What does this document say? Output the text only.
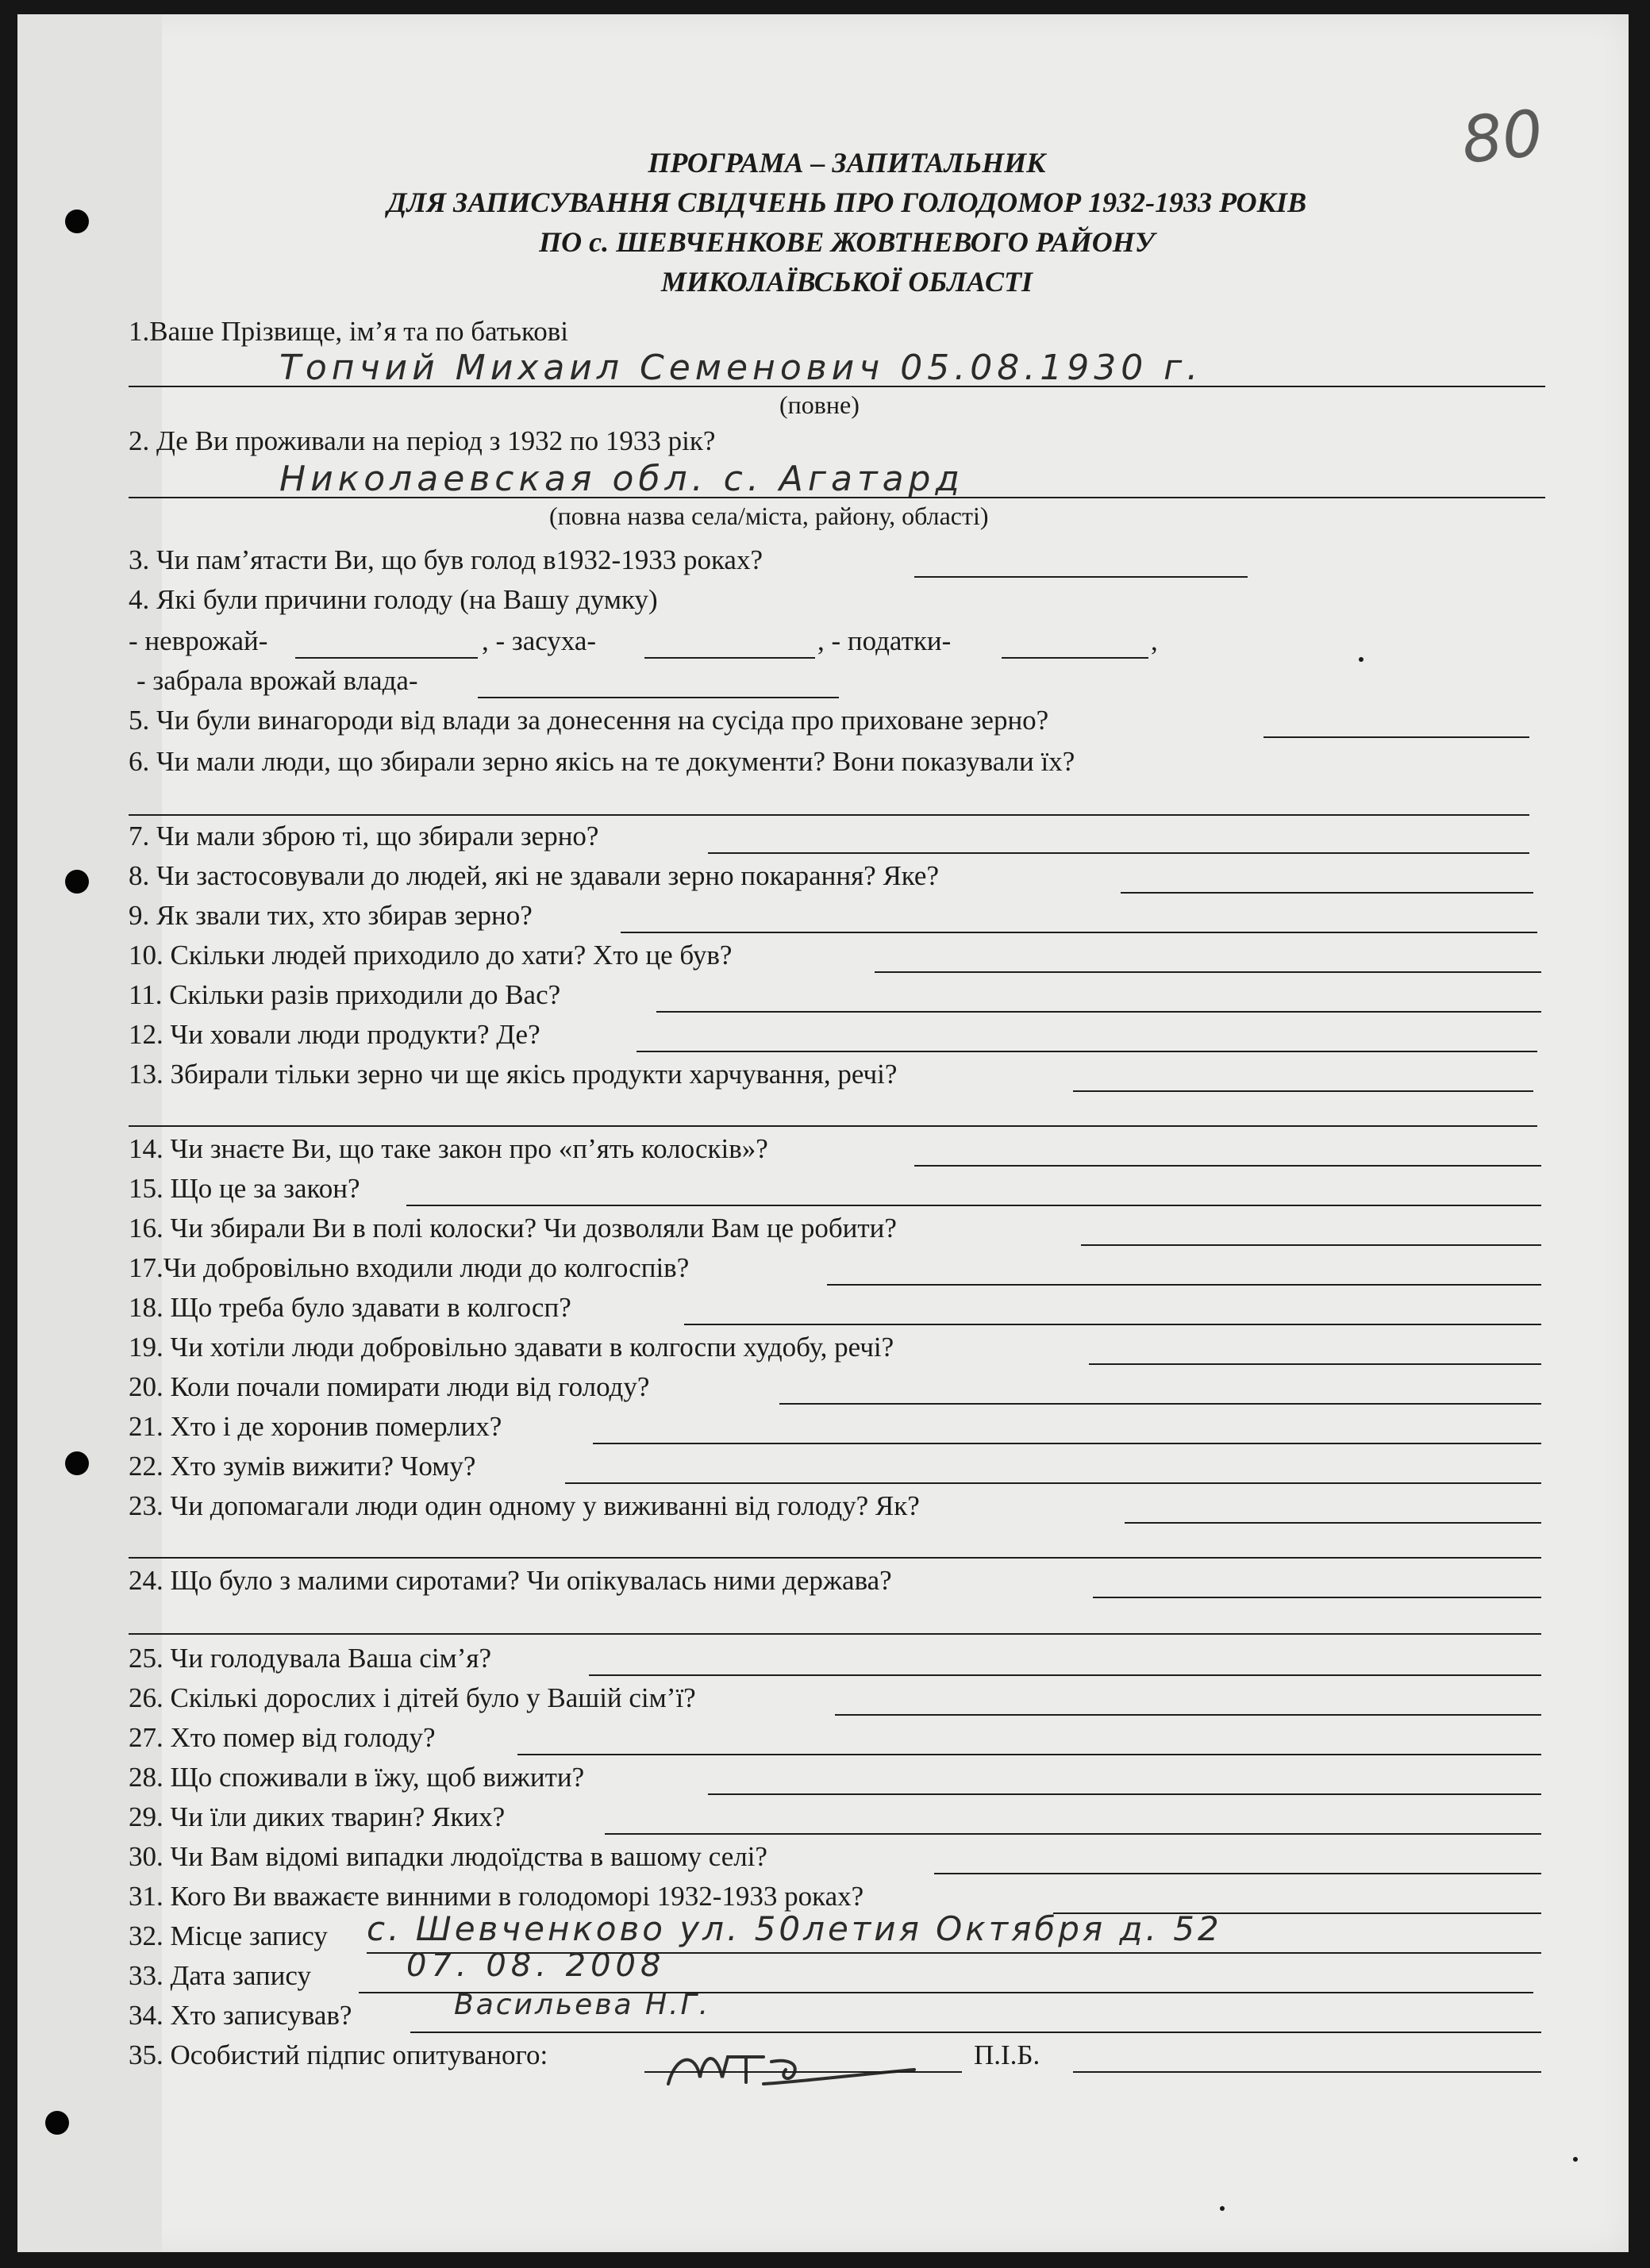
80
ПРОГРАМА – ЗАПИТАЛЬНИК
ДЛЯ ЗАПИСУВАННЯ СВІДЧЕНЬ ПРО ГОЛОДОМОР 1932-1933 РОКІВ
ПО с. ШЕВЧЕНКОВЕ ЖОВТНЕВОГО РАЙОНУ
МИКОЛАЇВСЬКОЇ ОБЛАСТІ
1.Ваше Прізвище, ім’я та по батькові
Топчий Михаил Семенович 05.08.1930 г.
(повне)
2. Де Ви проживали на період з 1932 по 1933 рік?
Николаевская обл. с. Агатард
(повна назва села/міста, району, області)
3. Чи пам’ятасти Ви, що був голод в1932-1933 роках?
4. Які були причини голоду (на Вашу думку)
- неврожай-	, - засуха-	, - податки-	,
- забрала врожай влада-
5. Чи були винагороди від влади за донесення на сусіда про приховане зерно?
6. Чи мали люди, що збирали зерно якісь на те документи? Вони показували їх?
7. Чи мали зброю ті, що збирали зерно?
8. Чи застосовували до людей, які не здавали зерно покарання? Яке?
9. Як звали тих, хто збирав зерно?
10. Скільки людей приходило до хати? Хто це був?
11. Скільки разів приходили до Вас?
12. Чи ховали люди продукти? Де?
13. Збирали тільки зерно чи ще якісь продукти харчування, речі?
14. Чи знаєте Ви, що таке закон про «п’ять колосків»?
15. Що це за закон?
16. Чи збирали Ви в полі колоски? Чи дозволяли Вам це робити?
17.Чи добровільно входили люди до колгоспів?
18. Що треба було здавати в колгосп?
19. Чи хотіли люди добровільно здавати в колгоспи худобу, речі?
20. Коли почали помирати люди від голоду?
21. Хто і де хоронив померлих?
22. Хто зумів вижити? Чому?
23. Чи допомагали люди один одному у виживанні від голоду? Як?
24. Що було з малими сиротами? Чи опікувалась ними держава?
25. Чи голодувала Ваша сім’я?
26. Скількі дорослих і дітей було у Вашій сім’ї?
27. Хто помер від голоду?
28. Що споживали в їжу, щоб вижити?
29. Чи їли диких тварин? Яких?
30. Чи Вам відомі випадки людоїдства в вашому селі?
31. Кого Ви вважаєте винними в голодоморі 1932-1933 роках?
32. Місце запису с. Шевченково ул. 50летия Октября д. 52
33. Дата запису	07. 08. 2008
34. Хто записував?	Васильева Н.Г.
35. Особистий підпис опитуваного:	П.І.Б.
